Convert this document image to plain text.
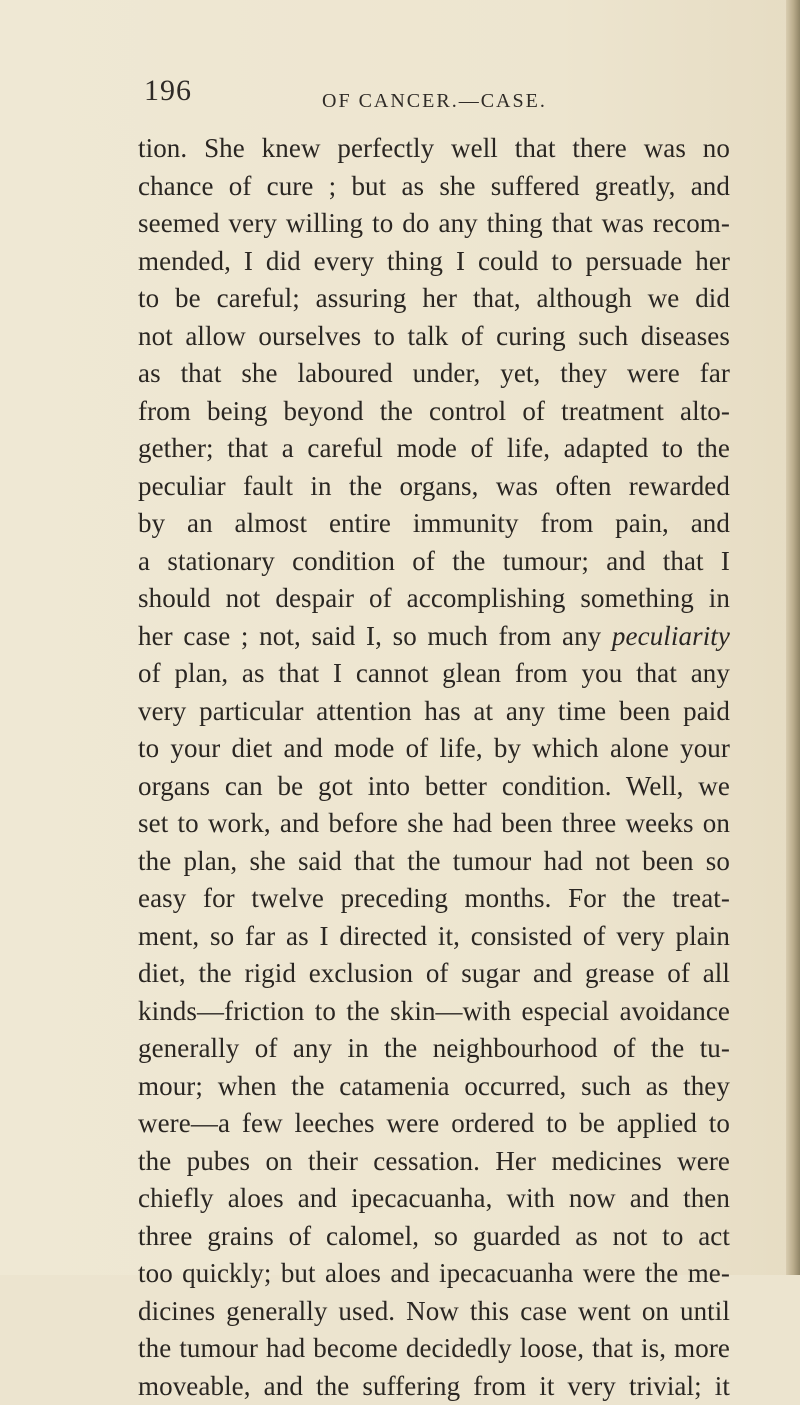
196	OF CANCER.—CASE.
tion. She knew perfectly well that there was no
chance of cure ; but as she suffered greatly, and
seemed very willing to do any thing that was recom-
mended, I did every thing I could to persuade her
to be careful; assuring her that, although we did
not allow ourselves to talk of curing such diseases
as that she laboured under, yet, they were far
from being beyond the control of treatment alto-
gether; that a careful mode of life, adapted to the
peculiar fault in the organs, was often rewarded
by an almost entire immunity from pain, and
a stationary condition of the tumour; and that I
should not despair of accomplishing something in
her case ; not, said I, so much from any peculiarity
of plan, as that I cannot glean from you that any
very particular attention has at any time been paid
to your diet and mode of life, by which alone your
organs can be got into better condition. Well, we
set to work, and before she had been three weeks on
the plan, she said that the tumour had not been so
easy for twelve preceding months. For the treat-
ment, so far as I directed it, consisted of very plain
diet, the rigid exclusion of sugar and grease of all
kinds—friction to the skin—with especial avoidance
generally of any in the neighbourhood of the tu-
mour; when the catamenia occurred, such as they
were—a few leeches were ordered to be applied to
the pubes on their cessation. Her medicines were
chiefly aloes and ipecacuanha, with now and then
three grains of calomel, so guarded as not to act
too quickly; but aloes and ipecacuanha were the me-
dicines generally used. Now this case went on until
the tumour had become decidedly loose, that is, more
moveable, and the suffering from it very trivial; it
